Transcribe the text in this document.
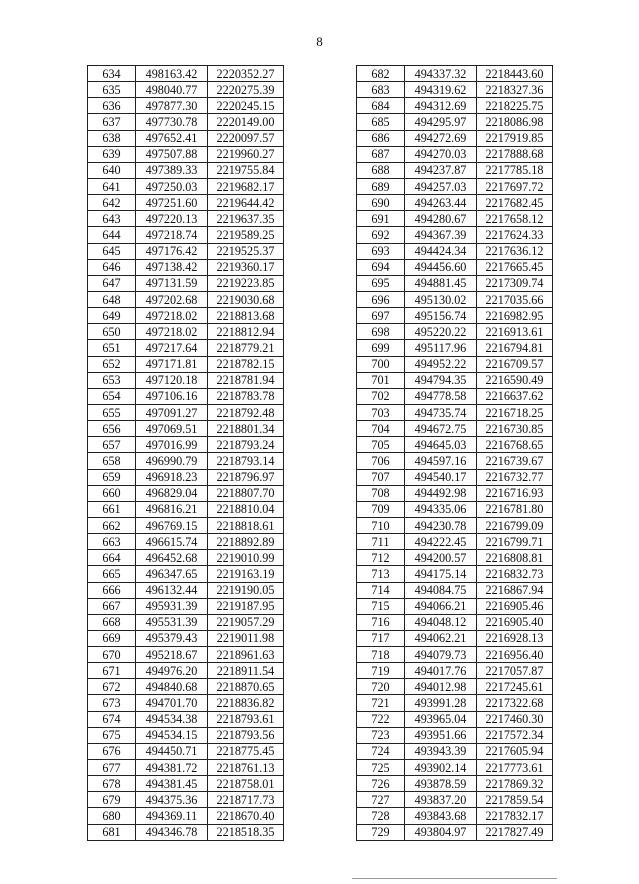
8
634	498163.42	2220352.27
635	498040.77	2220275.39
636	497877.30	2220245.15
637	497730.78	2220149.00
638	497652.41	2220097.57
639	497507.88	2219960.27
640	497389.33	2219755.84
641	497250.03	2219682.17
642	497251.60	2219644.42
643	497220.13	2219637.35
644	497218.74	2219589.25
645	497176.42	2219525.37
646	497138.42	2219360.17
647	497131.59	2219223.85
648	497202.68	2219030.68
649	497218.02	2218813.68
650	497218.02	2218812.94
651	497217.64	2218779.21
652	497171.81	2218782.15
653	497120.18	2218781.94
654	497106.16	2218783.78
655	497091.27	2218792.48
656	497069.51	2218801.34
657	497016.99	2218793.24
658	496990.79	2218793.14
659	496918.23	2218796.97
660	496829.04	2218807.70
661	496816.21	2218810.04
662	496769.15	2218818.61
663	496615.74	2218892.89
664	496452.68	2219010.99
665	496347.65	2219163.19
666	496132.44	2219190.05
667	495931.39	2219187.95
668	495531.39	2219057.29
669	495379.43	2219011.98
670	495218.67	2218961.63
671	494976.20	2218911.54
672	494840.68	2218870.65
673	494701.70	2218836.82
674	494534.38	2218793.61
675	494534.15	2218793.56
676	494450.71	2218775.45
677	494381.72	2218761.13
678	494381.45	2218758.01
679	494375.36	2218717.73
680	494369.11	2218670.40
681	494346.78	2218518.35
682	494337.32	2218443.60
683	494319.62	2218327.36
684	494312.69	2218225.75
685	494295.97	2218086.98
686	494272.69	2217919.85
687	494270.03	2217888.68
688	494237.87	2217785.18
689	494257.03	2217697.72
690	494263.44	2217682.45
691	494280.67	2217658.12
692	494367.39	2217624.33
693	494424.34	2217636.12
694	494456.60	2217665.45
695	494881.45	2217309.74
696	495130.02	2217035.66
697	495156.74	2216982.95
698	495220.22	2216913.61
699	495117.96	2216794.81
700	494952.22	2216709.57
701	494794.35	2216590.49
702	494778.58	2216637.62
703	494735.74	2216718.25
704	494672.75	2216730.85
705	494645.03	2216768.65
706	494597.16	2216739.67
707	494540.17	2216732.77
708	494492.98	2216716.93
709	494335.06	2216781.80
710	494230.78	2216799.09
711	494222.45	2216799.71
712	494200.57	2216808.81
713	494175.14	2216832.73
714	494084.75	2216867.94
715	494066.21	2216905.46
716	494048.12	2216905.40
717	494062.21	2216928.13
718	494079.73	2216956.40
719	494017.76	2217057.87
720	494012.98	2217245.61
721	493991.28	2217322.68
722	493965.04	2217460.30
723	493951.66	2217572.34
724	493943.39	2217605.94
725	493902.14	2217773.61
726	493878.59	2217869.32
727	493837.20	2217859.54
728	493843.68	2217832.17
729	493804.97	2217827.49
